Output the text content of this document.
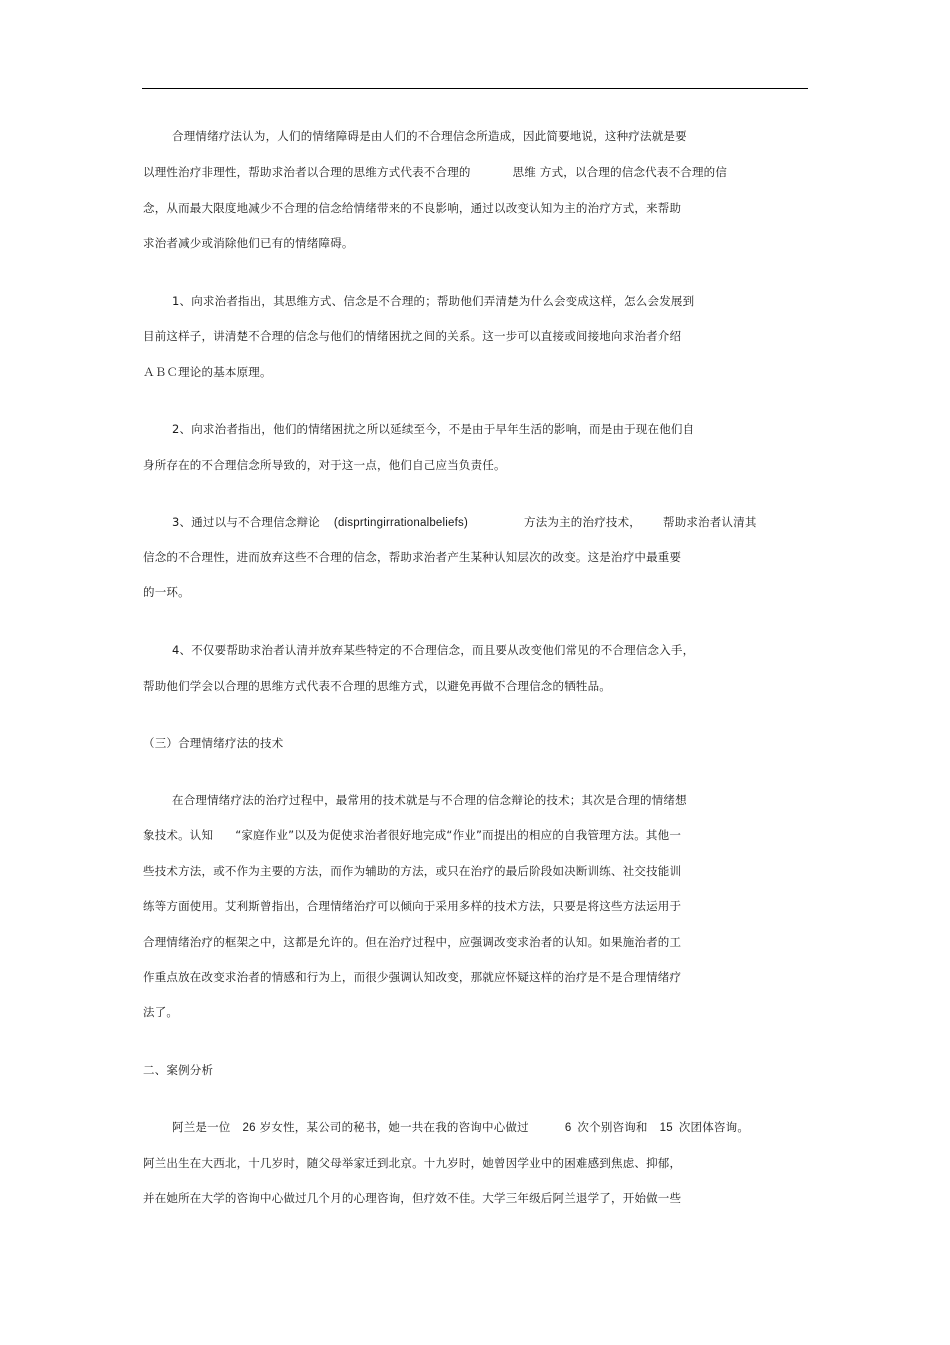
合理情绪疗法认为，人们的情绪障碍是由人们的不合理信念所造成，因此简要地说，这种疗法就是要
以理性治疗非理性，帮助求治者以合理的思维方式代表不合理的	思维 方式，以合理的信念代表不合理的信
念，从而最大限度地减少不合理的信念给情绪带来的不良影响，通过以改变认知为主的治疗方式，来帮助
求治者减少或消除他们已有的情绪障碍。
1、向求治者指出，其思维方式、信念是不合理的；帮助他们弄清楚为什么会变成这样，怎么会发展到
目前这样子，讲清楚不合理的信念与他们的情绪困扰之间的关系。这一步可以直接或间接地向求治者介绍
ＡＢＣ理论的基本原理。
2、向求治者指出，他们的情绪困扰之所以延续至今，不是由于早年生活的影响，而是由于现在他们自
身所存在的不合理信念所导致的，对于这一点，他们自己应当负责任。
3、通过以与不合理信念辩论 (disprtingirrationalbeliefs)	方法为主的治疗技术， 帮助求治者认清其
信念的不合理性，进而放弃这些不合理的信念，帮助求治者产生某种认知层次的改变。这是治疗中最重要
的一环。
4、不仅要帮助求治者认清并放弃某些特定的不合理信念，而且要从改变他们常见的不合理信念入手，
帮助他们学会以合理的思维方式代表不合理的思维方式，以避免再做不合理信念的牺牲品。
（三）合理情绪疗法的技术
在合理情绪疗法的治疗过程中，最常用的技术就是与不合理的信念辩论的技术；其次是合理的情绪想
象技术。认知 “家庭作业”以及为促使求治者很好地完成“作业”而提出的相应的自我管理方法。其他一
些技术方法，或不作为主要的方法，而作为辅助的方法，或只在治疗的最后阶段如决断训练、社交技能训
练等方面使用。艾利斯曾指出，合理情绪治疗可以倾向于采用多样的技术方法，只要是将这些方法运用于
合理情绪治疗的框架之中，这都是允许的。但在治疗过程中，应强调改变求治者的认知。如果施治者的工
作重点放在改变求治者的情感和行为上，而很少强调认知改变，那就应怀疑这样的治疗是不是合理情绪疗
法了。
二、案例分析
阿兰是一位 26 岁女性，某公司的秘书，她一共在我的咨询中心做过	6 次个别咨询和 15 次团体咨询。
阿兰出生在大西北，十几岁时，随父母举家迁到北京。十九岁时，她曾因学业中的困难感到焦虑、抑郁，
并在她所在大学的咨询中心做过几个月的心理咨询，但疗效不佳。大学三年级后阿兰退学了，开始做一些
